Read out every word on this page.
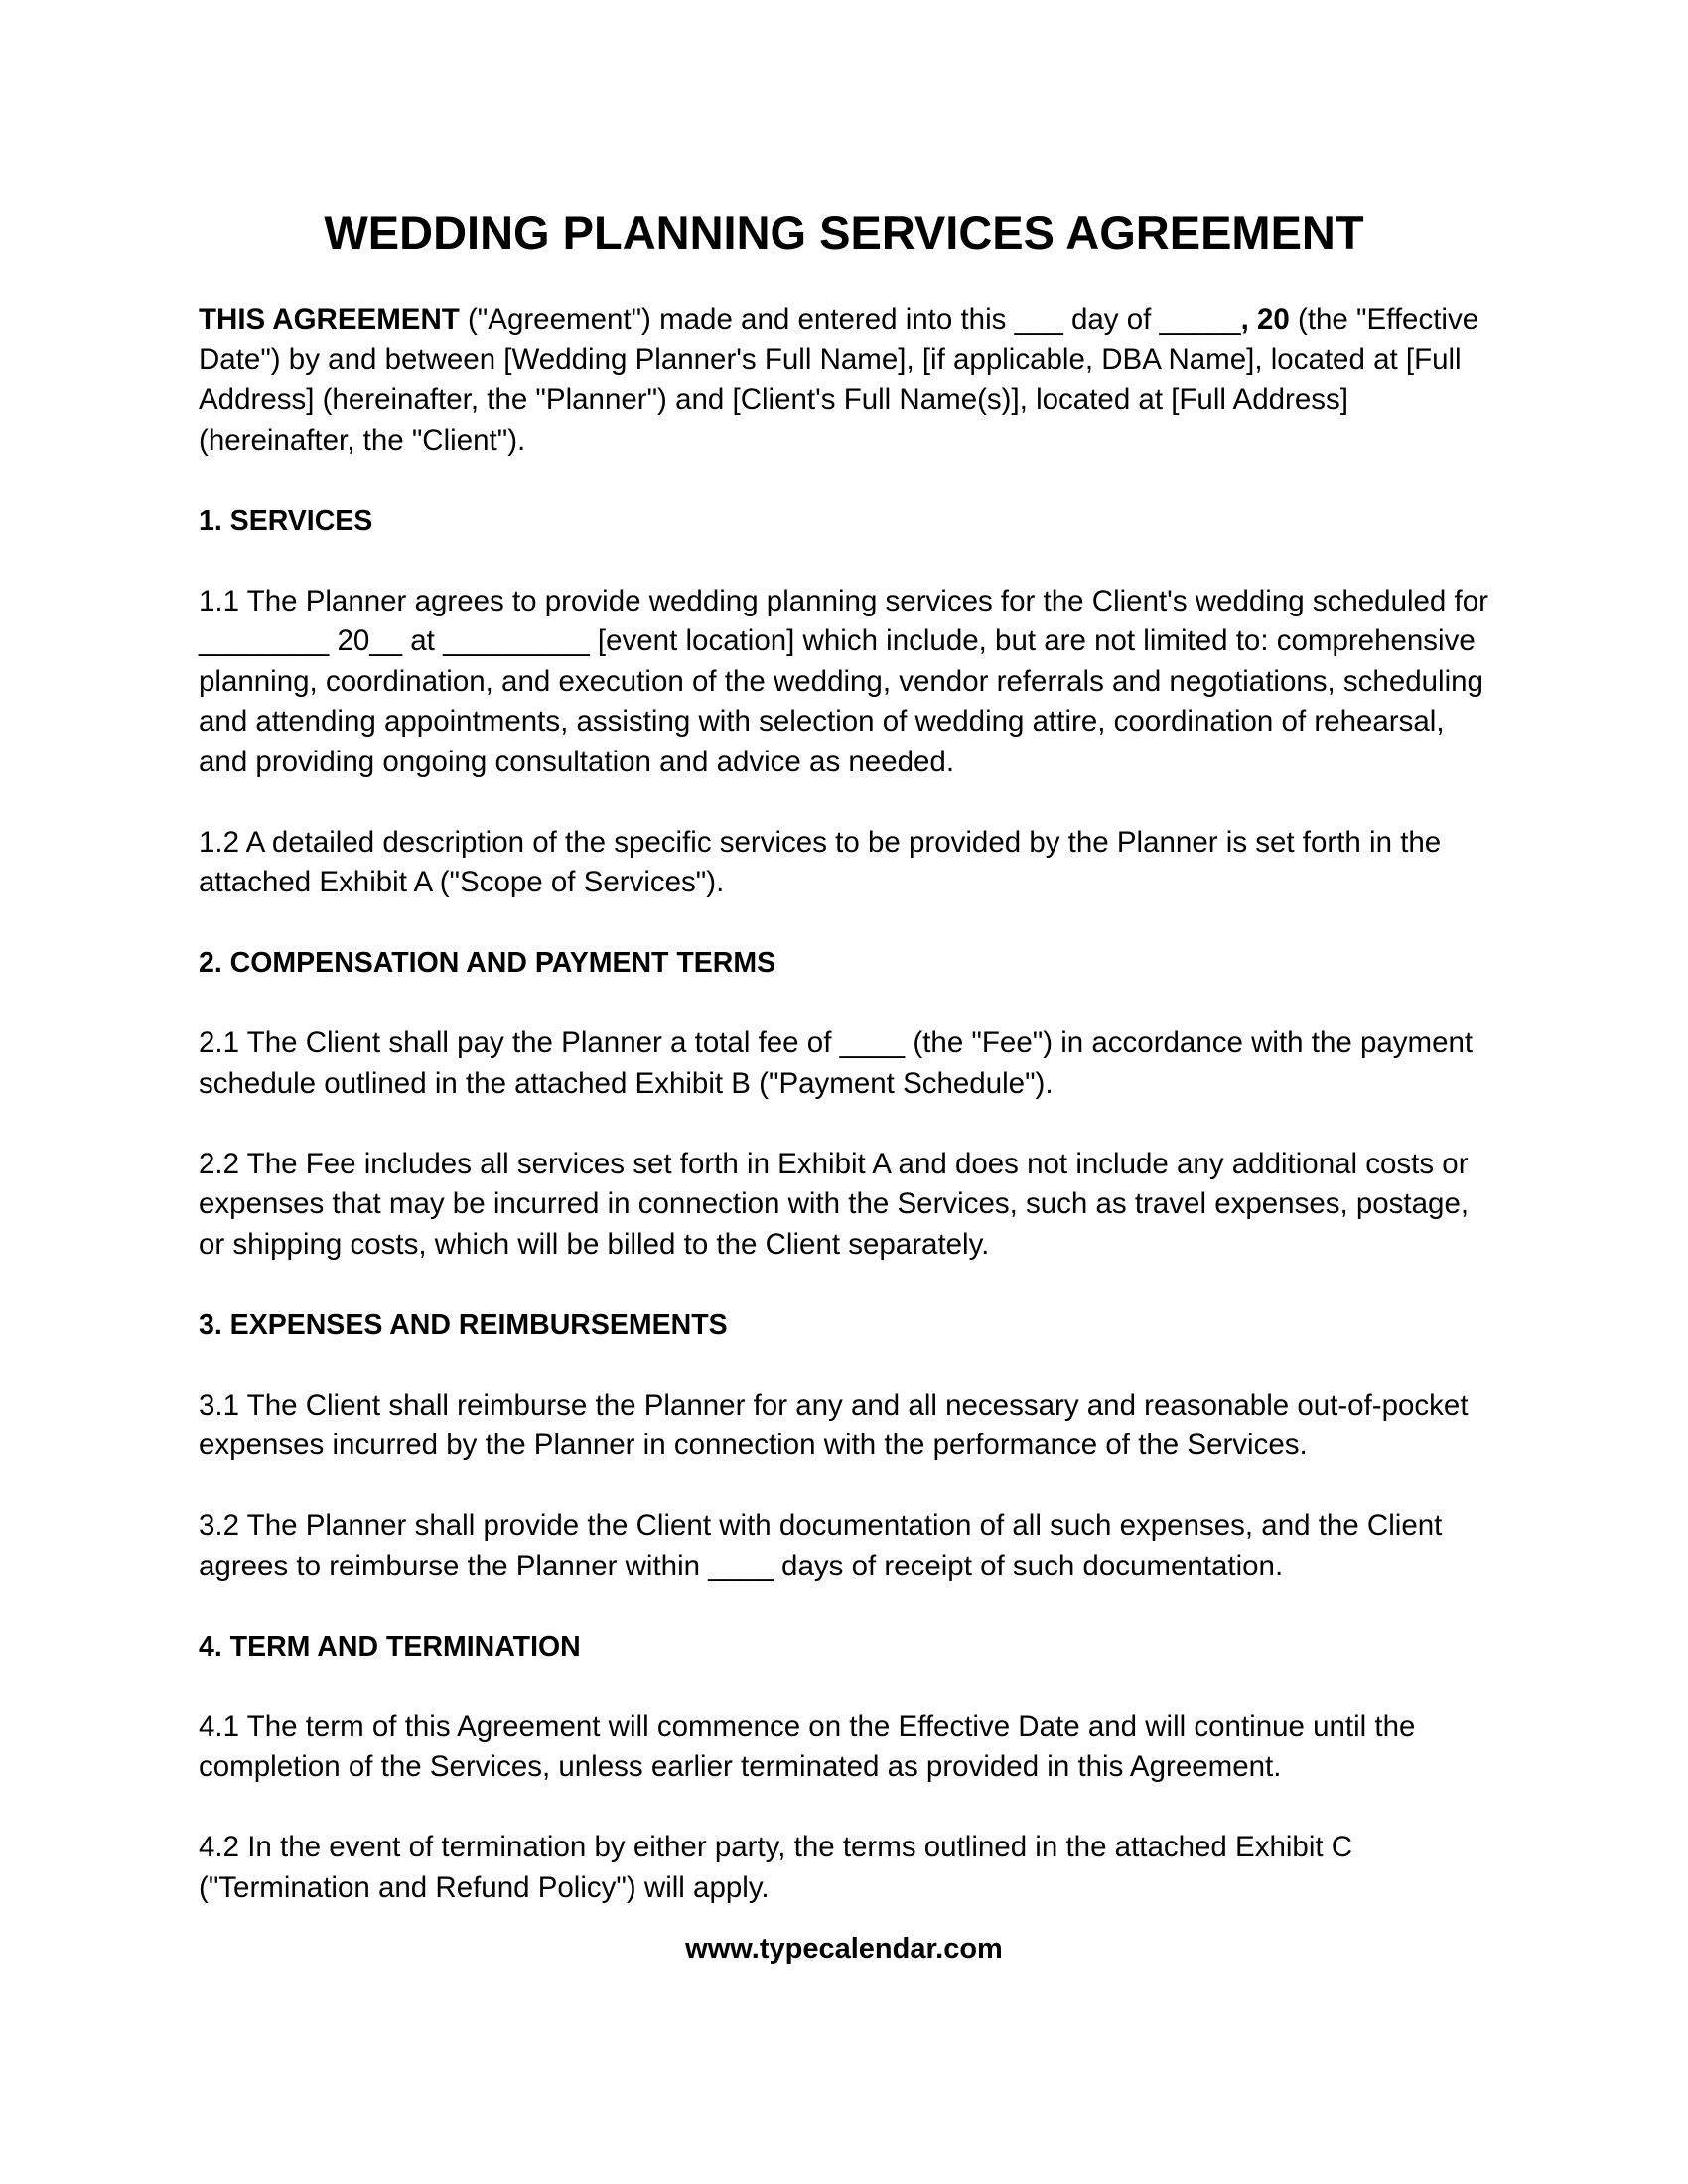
WEDDING PLANNING SERVICES AGREEMENT

THIS AGREEMENT ("Agreement") made and entered into this ___ day of _____, 20 (the "Effective Date") by and between [Wedding Planner's Full Name], [if applicable, DBA Name], located at [Full Address] (hereinafter, the "Planner") and [Client's Full Name(s)], located at [Full Address] (hereinafter, the "Client").

1. SERVICES

1.1 The Planner agrees to provide wedding planning services for the Client's wedding scheduled for ________ 20__ at _________ [event location] which include, but are not limited to: comprehensive planning, coordination, and execution of the wedding, vendor referrals and negotiations, scheduling and attending appointments, assisting with selection of wedding attire, coordination of rehearsal, and providing ongoing consultation and advice as needed.

1.2 A detailed description of the specific services to be provided by the Planner is set forth in the attached Exhibit A ("Scope of Services").

2. COMPENSATION AND PAYMENT TERMS

2.1 The Client shall pay the Planner a total fee of ____ (the "Fee") in accordance with the payment schedule outlined in the attached Exhibit B ("Payment Schedule").

2.2 The Fee includes all services set forth in Exhibit A and does not include any additional costs or expenses that may be incurred in connection with the Services, such as travel expenses, postage, or shipping costs, which will be billed to the Client separately.

3. EXPENSES AND REIMBURSEMENTS

3.1 The Client shall reimburse the Planner for any and all necessary and reasonable out-of-pocket expenses incurred by the Planner in connection with the performance of the Services.

3.2 The Planner shall provide the Client with documentation of all such expenses, and the Client agrees to reimburse the Planner within ____ days of receipt of such documentation.

4. TERM AND TERMINATION

4.1 The term of this Agreement will commence on the Effective Date and will continue until the completion of the Services, unless earlier terminated as provided in this Agreement.

4.2 In the event of termination by either party, the terms outlined in the attached Exhibit C ("Termination and Refund Policy") will apply.

www.typecalendar.com
